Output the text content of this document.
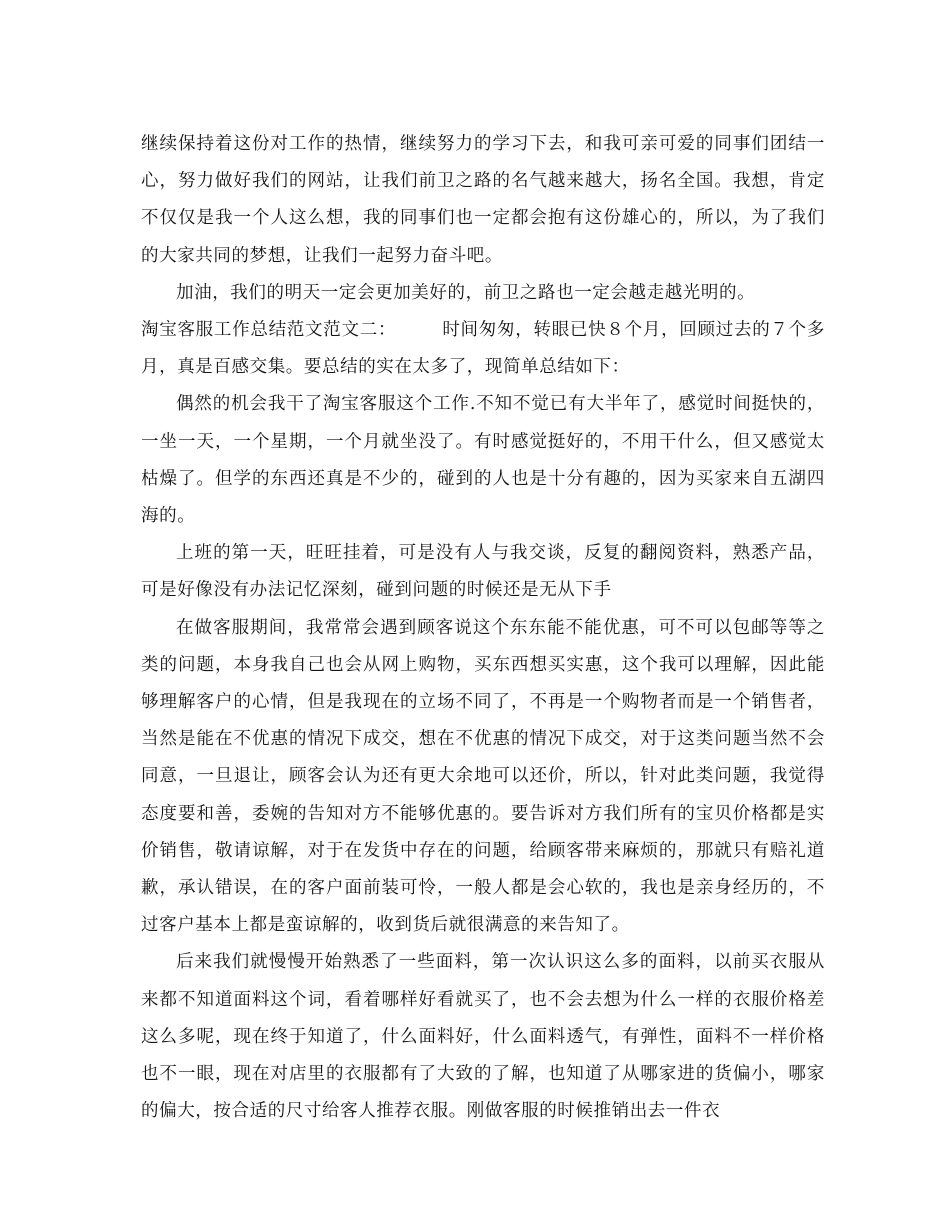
继续保持着这份对工作的热情，继续努力的学习下去，和我可亲可爱的同事们团结一心，努力做好我们的网站，让我们前卫之路的名气越来越大，扬名全国。我想，肯定不仅仅是我一个人这么想，我的同事们也一定都会抱有这份雄心的，所以，为了我们的大家共同的梦想，让我们一起努力奋斗吧。

加油，我们的明天一定会更加美好的，前卫之路也一定会越走越光明的。

淘宝客服工作总结范文范文二：	时间匆匆，转眼已快８个月，回顾过去的７个多月，真是百感交集。要总结的实在太多了，现简单总结如下：

偶然的机会我干了淘宝客服这个工作.不知不觉已有大半年了，感觉时间挺快的，一坐一天，一个星期，一个月就坐没了。有时感觉挺好的，不用干什么，但又感觉太枯燥了。但学的东西还真是不少的，碰到的人也是十分有趣的，因为买家来自五湖四海的。

上班的第一天，旺旺挂着，可是没有人与我交谈，反复的翻阅资料，熟悉产品，可是好像没有办法记忆深刻，碰到问题的时候还是无从下手

在做客服期间，我常常会遇到顾客说这个东东能不能优惠，可不可以包邮等等之类的问题，本身我自己也会从网上购物，买东西想买实惠，这个我可以理解，因此能够理解客户的心情，但是我现在的立场不同了，不再是一个购物者而是一个销售者，当然是能在不优惠的情况下成交，想在不优惠的情况下成交，对于这类问题当然不会同意，一旦退让，顾客会认为还有更大余地可以还价，所以，针对此类问题，我觉得态度要和善，委婉的告知对方不能够优惠的。要告诉对方我们所有的宝贝价格都是实价销售，敬请谅解，对于在发货中存在的问题，给顾客带来麻烦的，那就只有赔礼道歉，承认错误，在的客户面前装可怜，一般人都是会心软的，我也是亲身经历的，不过客户基本上都是蛮谅解的，收到货后就很满意的来告知了。

后来我们就慢慢开始熟悉了一些面料，第一次认识这么多的面料，以前买衣服从来都不知道面料这个词，看着哪样好看就买了，也不会去想为什么一样的衣服价格差这么多呢，现在终于知道了，什么面料好，什么面料透气，有弹性，面料不一样价格也不一眼，现在对店里的衣服都有了大致的了解，也知道了从哪家进的货偏小，哪家的偏大，按合适的尺寸给客人推荐衣服。刚做客服的时候推销出去一件衣
